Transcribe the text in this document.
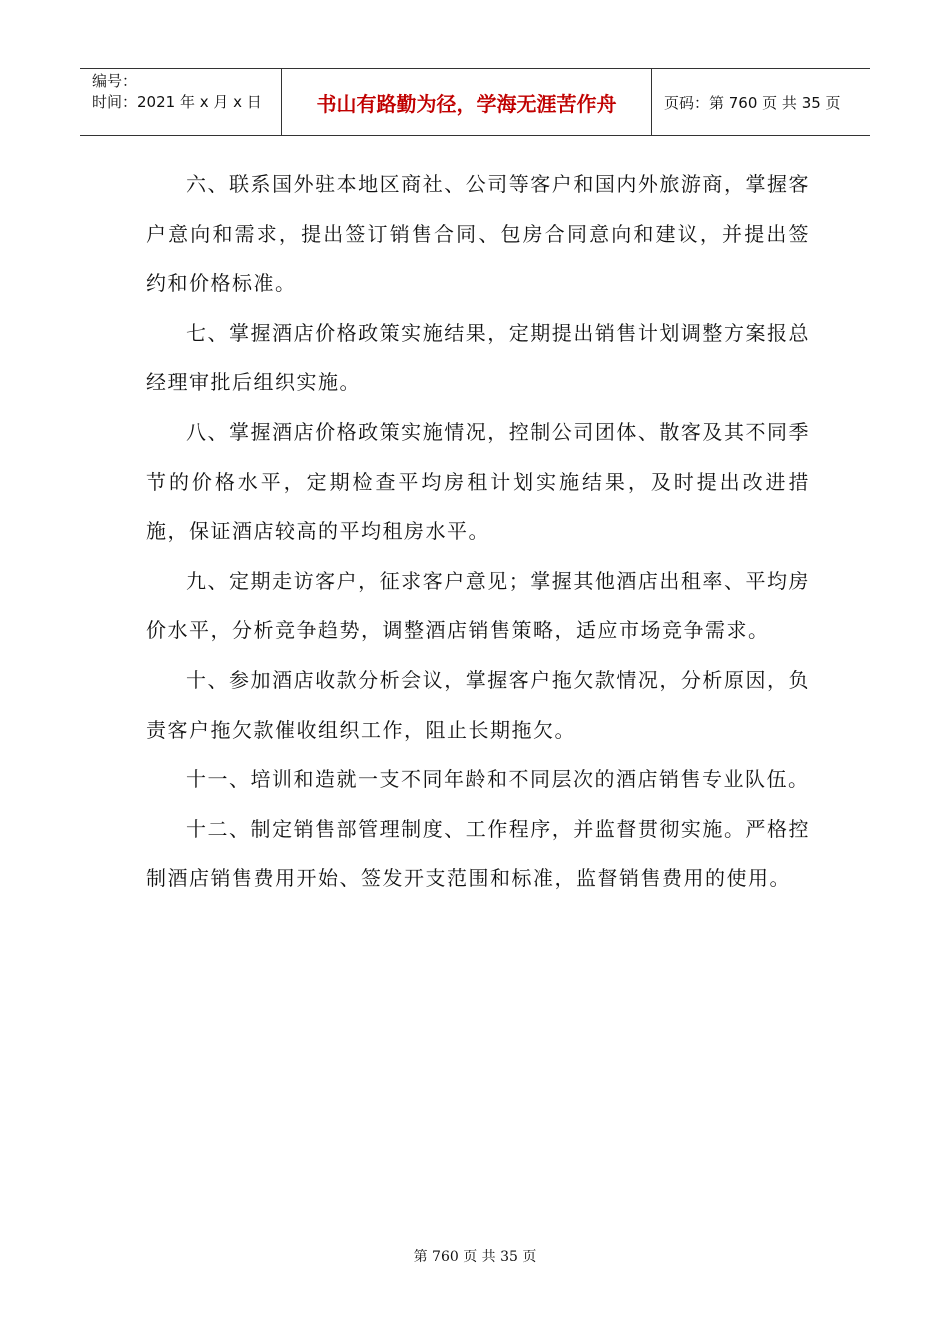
编号：
时间：2021 年 x 月 x 日	书山有路勤为径，学海无涯苦作舟	页码：第 760 页 共 35 页

六、联系国外驻本地区商社、公司等客户和国内外旅游商，掌握客户意向和需求，提出签订销售合同、包房合同意向和建议，并提出签约和价格标准。

七、掌握酒店价格政策实施结果，定期提出销售计划调整方案报总经理审批后组织实施。

八、掌握酒店价格政策实施情况，控制公司团体、散客及其不同季节的价格水平，定期检查平均房租计划实施结果，及时提出改进措施，保证酒店较高的平均租房水平。

九、定期走访客户，征求客户意见；掌握其他酒店出租率、平均房价水平，分析竞争趋势，调整酒店销售策略，适应市场竞争需求。

十、参加酒店收款分析会议，掌握客户拖欠款情况，分析原因，负责客户拖欠款催收组织工作，阻止长期拖欠。

十一、培训和造就一支不同年龄和不同层次的酒店销售专业队伍。

十二、制定销售部管理制度、工作程序，并监督贯彻实施。严格控制酒店销售费用开始、签发开支范围和标准，监督销售费用的使用。

第 760 页 共 35 页
